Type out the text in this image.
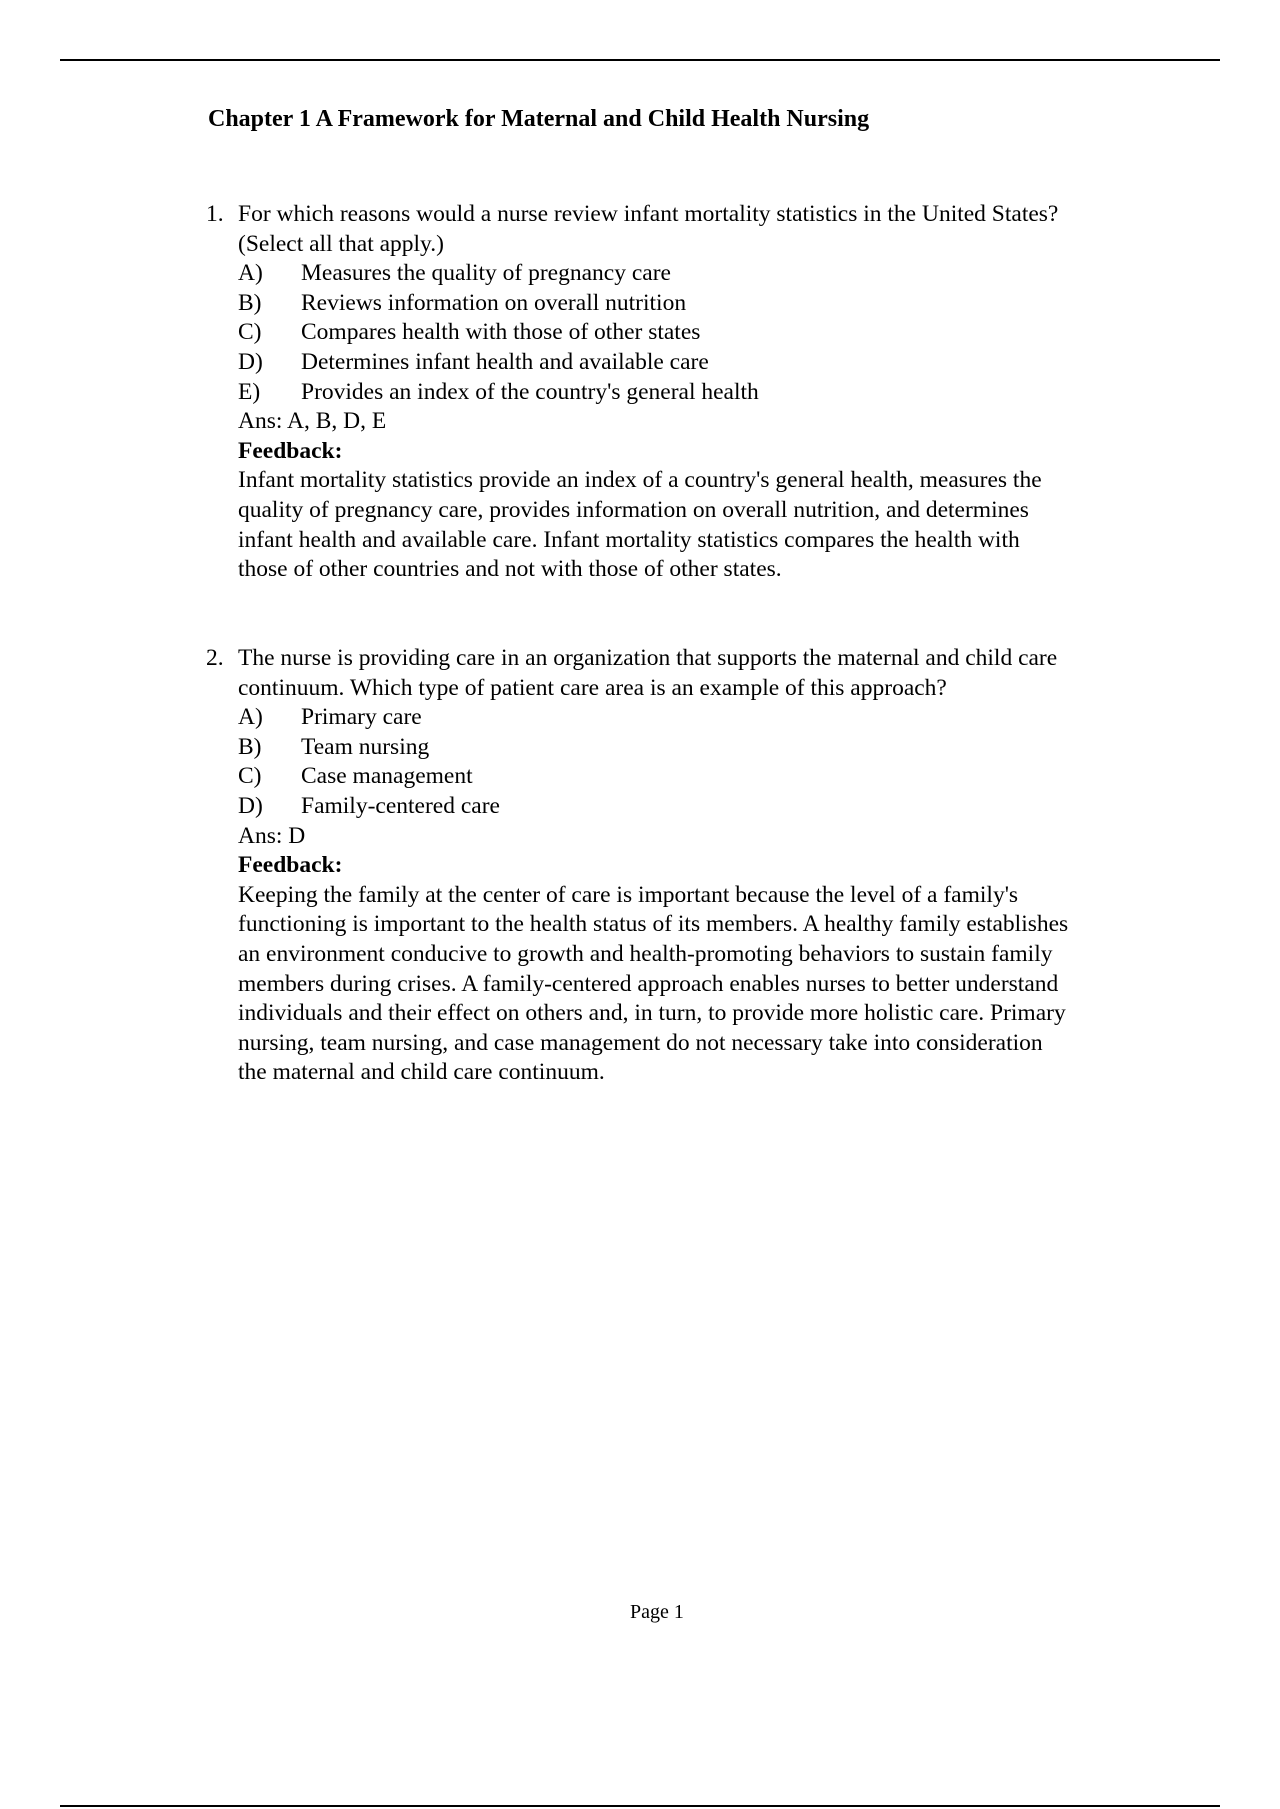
Chapter 1 A Framework for Maternal and Child Health Nursing
1. For which reasons would a nurse review infant mortality statistics in the United States?
(Select all that apply.)
A)	Measures the quality of pregnancy care
B)	Reviews information on overall nutrition
C)	Compares health with those of other states
D)	Determines infant health and available care
E)	Provides an index of the country's general health
Ans: A, B, D, E
Feedback:
Infant mortality statistics provide an index of a country's general health, measures the
quality of pregnancy care, provides information on overall nutrition, and determines
infant health and available care. Infant mortality statistics compares the health with
those of other countries and not with those of other states.
2. The nurse is providing care in an organization that supports the maternal and child care
continuum. Which type of patient care area is an example of this approach?
A)	Primary care
B)	Team nursing
C)	Case management
D)	Family-centered care
Ans: D
Feedback:
Keeping the family at the center of care is important because the level of a family's
functioning is important to the health status of its members. A healthy family establishes
an environment conducive to growth and health-promoting behaviors to sustain family
members during crises. A family-centered approach enables nurses to better understand
individuals and their effect on others and, in turn, to provide more holistic care. Primary
nursing, team nursing, and case management do not necessary take into consideration
the maternal and child care continuum.
Page 1
